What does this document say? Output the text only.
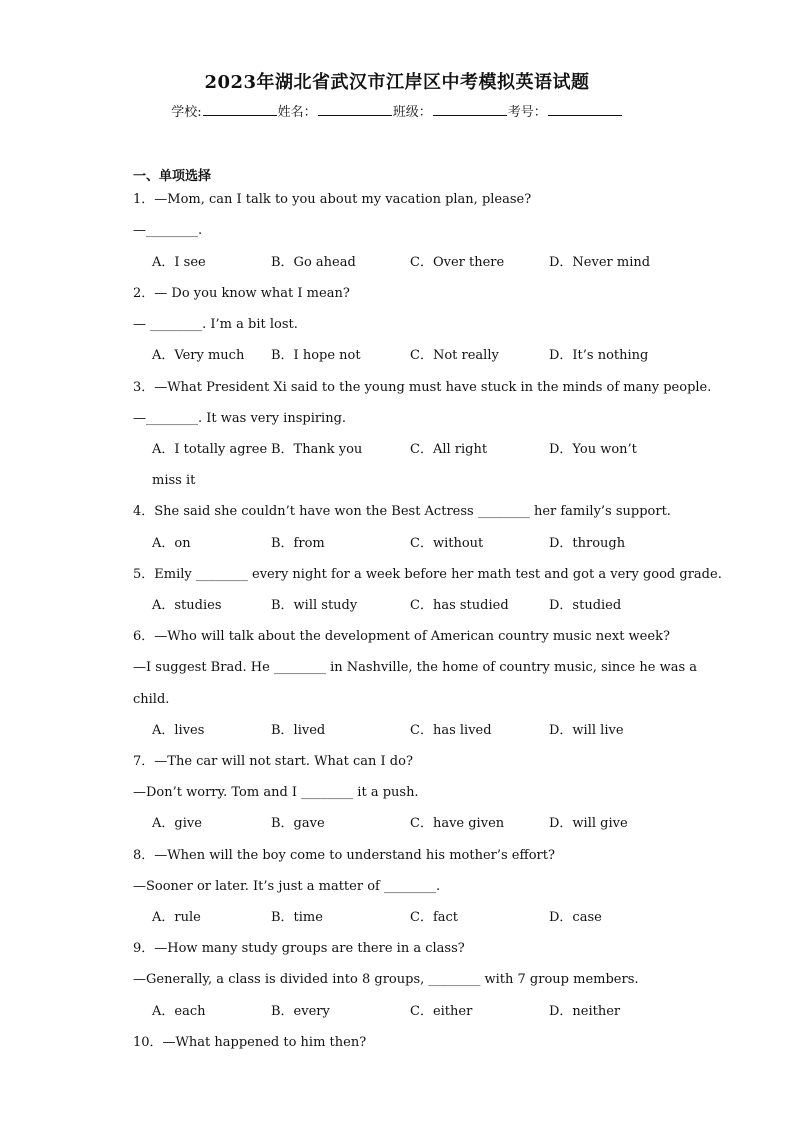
2023年湖北省武汉市江岸区中考模拟英语试题
学校:	姓名：	班级：	考号：
一、单项选择
1．—Mom, can I talk to you about my vacation plan, please?
—________.
A．I see	B．Go ahead	C．Over there	D．Never mind
2．— Do you know what I mean?
— ________. I’m a bit lost.
A．Very much B．I hope not	C．Not really	D．It’s nothing
3．—What President Xi said to the young must have stuck in the minds of many people.
—________. It was very inspiring.
A．I totally agree B．Thank you	C．All right	D．You won’t
miss it
4．She said she couldn’t have won the Best Actress ________ her family’s support.
A．on	B．from	C．without	D．through
5．Emily ________ every night for a week before her math test and got a very good grade.
A．studies	B．will study	C．has studied	D．studied
6．—Who will talk about the development of American country music next week?
—I suggest Brad. He ________ in Nashville, the home of country music, since he was a
child.
A．lives	B．lived	C．has lived	D．will live
7．—The car will not start. What can I do?
—Don’t worry. Tom and I ________ it a push.
A．give	B．gave	C．have given	D．will give
8．—When will the boy come to understand his mother’s effort?
—Sooner or later. It’s just a matter of ________.
A．rule	B．time	C．fact	D．case
9．—How many study groups are there in a class?
—Generally, a class is divided into 8 groups, ________ with 7 group members.
A．each	B．every	C．either	D．neither
10．—What happened to him then?
